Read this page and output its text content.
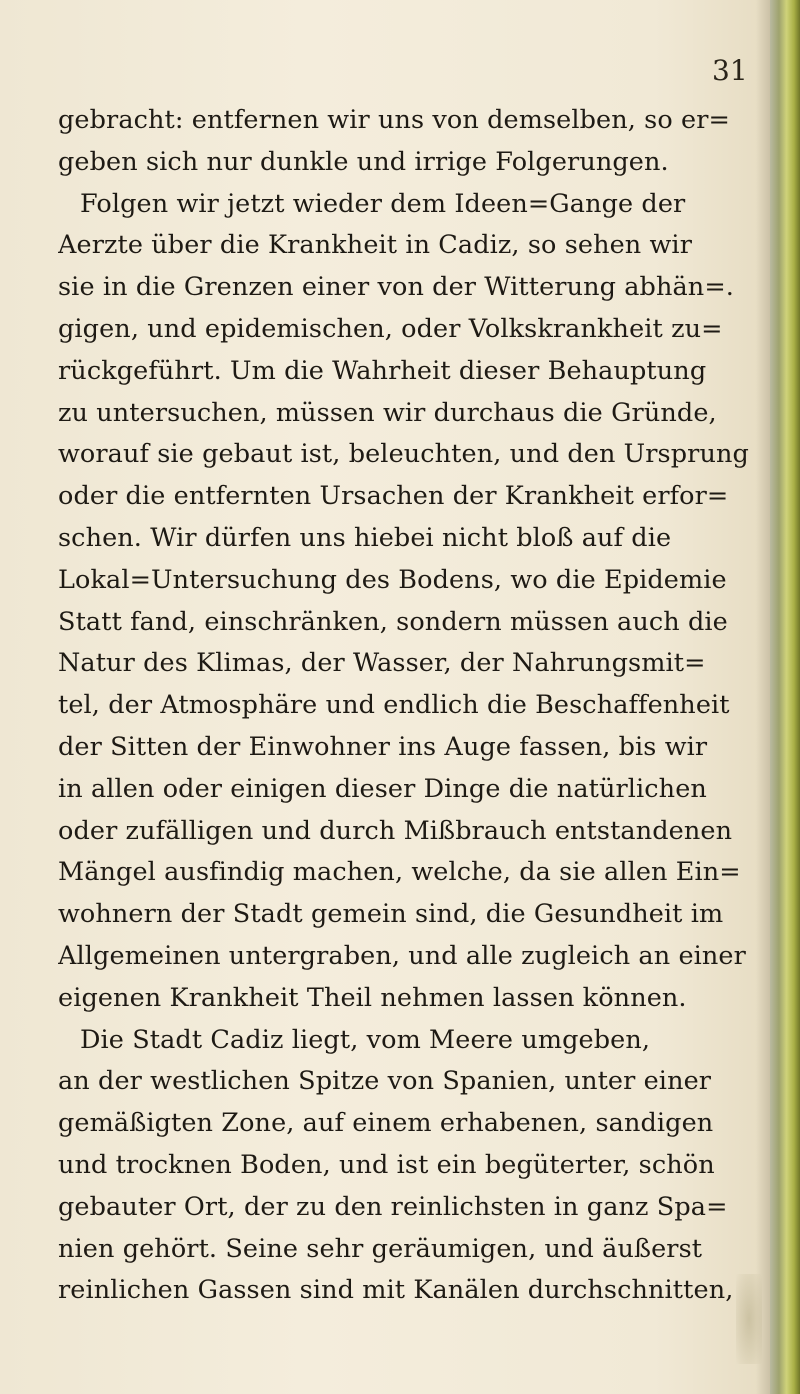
31
gebracht: entfernen wir uns von demselben, so er=
geben sich nur dunkle und irrige Folgerungen.
Folgen wir jetzt wieder dem Ideen=Gange der
Aerzte über die Krankheit in Cadiz, so sehen wir
sie in die Grenzen einer von der Witterung abhän=.
gigen, und epidemischen, oder Volkskrankheit zu=
rückgeführt. Um die Wahrheit dieser Behauptung
zu untersuchen, müssen wir durchaus die Gründe,
worauf sie gebaut ist, beleuchten, und den Ursprung
oder die entfernten Ursachen der Krankheit erfor=
schen. Wir dürfen uns hiebei nicht bloß auf die
Lokal=Untersuchung des Bodens, wo die Epidemie
Statt fand, einschränken, sondern müssen auch die
Natur des Klimas, der Wasser, der Nahrungsmit=
tel, der Atmosphäre und endlich die Beschaffenheit
der Sitten der Einwohner ins Auge fassen, bis wir
in allen oder einigen dieser Dinge die natürlichen
oder zufälligen und durch Mißbrauch entstandenen
Mängel ausfindig machen, welche, da sie allen Ein=
wohnern der Stadt gemein sind, die Gesundheit im
Allgemeinen untergraben, und alle zugleich an einer
eigenen Krankheit Theil nehmen lassen können.
Die Stadt Cadiz liegt, vom Meere umgeben,
an der westlichen Spitze von Spanien, unter einer
gemäßigten Zone, auf einem erhabenen, sandigen
und trocknen Boden, und ist ein begüterter, schön
gebauter Ort, der zu den reinlichsten in ganz Spa=
nien gehört. Seine sehr geräumigen, und äußerst
reinlichen Gassen sind mit Kanälen durchschnitten,
